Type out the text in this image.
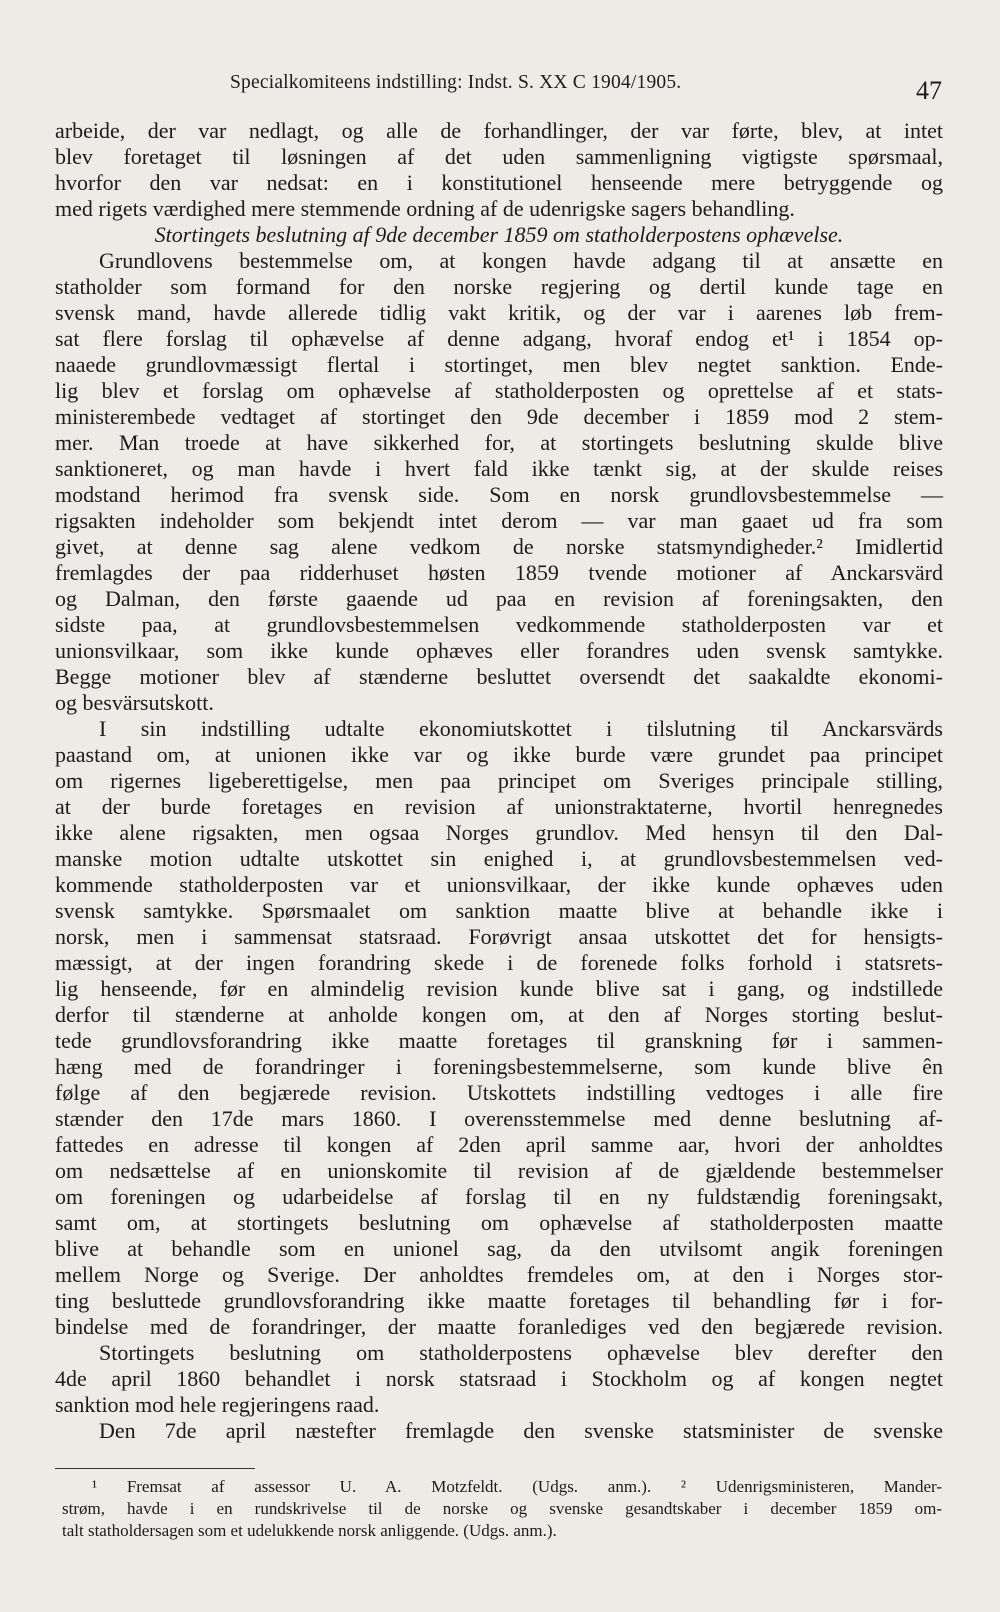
Specialkomiteens indstilling: Indst. S. XX C 1904/1905.	47
arbeide, der var nedlagt, og alle de forhandlinger, der var førte, blev, at intet
blev foretaget til løsningen af det uden sammenligning vigtigste spørsmaal,
hvorfor den var nedsat: en i konstitutionel henseende mere betryggende og
med rigets værdighed mere stemmende ordning af de udenrigske sagers behandling.
Stortingets beslutning af 9de december 1859 om statholderpostens ophævelse.
Grundlovens bestemmelse om, at kongen havde adgang til at ansætte en
statholder som formand for den norske regjering og dertil kunde tage en
svensk mand, havde allerede tidlig vakt kritik, og der var i aarenes løb frem-
sat flere forslag til ophævelse af denne adgang, hvoraf endog et¹ i 1854 op-
naaede grundlovmæssigt flertal i stortinget, men blev negtet sanktion. Ende-
lig blev et forslag om ophævelse af statholderposten og oprettelse af et stats-
ministerembede vedtaget af stortinget den 9de december i 1859 mod 2 stem-
mer. Man troede at have sikkerhed for, at stortingets beslutning skulde blive
sanktioneret, og man havde i hvert fald ikke tænkt sig, at der skulde reises
modstand herimod fra svensk side. Som en norsk grundlovsbestemmelse —
rigsakten indeholder som bekjendt intet derom — var man gaaet ud fra som
givet, at denne sag alene vedkom de norske statsmyndigheder.² Imidlertid
fremlagdes der paa ridderhuset høsten 1859 tvende motioner af Anckarsvärd
og Dalman, den første gaaende ud paa en revision af foreningsakten, den
sidste paa, at grundlovsbestemmelsen vedkommende statholderposten var et
unionsvilkaar, som ikke kunde ophæves eller forandres uden svensk samtykke.
Begge motioner blev af stænderne besluttet oversendt det saakaldte ekonomi-
og besvärsutskott.
I sin indstilling udtalte ekonomiutskottet i tilslutning til Anckarsvärds
paastand om, at unionen ikke var og ikke burde være grundet paa principet
om rigernes ligeberettigelse, men paa principet om Sveriges principale stilling,
at der burde foretages en revision af unionstraktaterne, hvortil henregnedes
ikke alene rigsakten, men ogsaa Norges grundlov. Med hensyn til den Dal-
manske motion udtalte utskottet sin enighed i, at grundlovsbestemmelsen ved-
kommende statholderposten var et unionsvilkaar, der ikke kunde ophæves uden
svensk samtykke. Spørsmaalet om sanktion maatte blive at behandle ikke i
norsk, men i sammensat statsraad. Forøvrigt ansaa utskottet det for hensigts-
mæssigt, at der ingen forandring skede i de forenede folks forhold i statsrets-
lig henseende, før en almindelig revision kunde blive sat i gang, og indstillede
derfor til stænderne at anholde kongen om, at den af Norges storting beslut-
tede grundlovsforandring ikke maatte foretages til granskning før i sammen-
hæng med de forandringer i foreningsbestemmelserne, som kunde blive ên
følge af den begjærede revision. Utskottets indstilling vedtoges i alle fire
stænder den 17de mars 1860. I overensstemmelse med denne beslutning af-
fattedes en adresse til kongen af 2den april samme aar, hvori der anholdtes
om nedsættelse af en unionskomite til revision af de gjældende bestemmelser
om foreningen og udarbeidelse af forslag til en ny fuldstændig foreningsakt,
samt om, at stortingets beslutning om ophævelse af statholderposten maatte
blive at behandle som en unionel sag, da den utvilsomt angik foreningen
mellem Norge og Sverige. Der anholdtes fremdeles om, at den i Norges stor-
ting besluttede grundlovsforandring ikke maatte foretages til behandling før i for-
bindelse med de forandringer, der maatte foranlediges ved den begjærede revision.
Stortingets beslutning om statholderpostens ophævelse blev derefter den
4de april 1860 behandlet i norsk statsraad i Stockholm og af kongen negtet
sanktion mod hele regjeringens raad.
Den 7de april næstefter fremlagde den svenske statsminister de svenske
¹ Fremsat af assessor U. A. Motzfeldt. (Udgs. anm.). ² Udenrigsministeren, Mander-
strøm, havde i en rundskrivelse til de norske og svenske gesandtskaber i december 1859 om-
talt statholdersagen som et udelukkende norsk anliggende. (Udgs. anm.).
